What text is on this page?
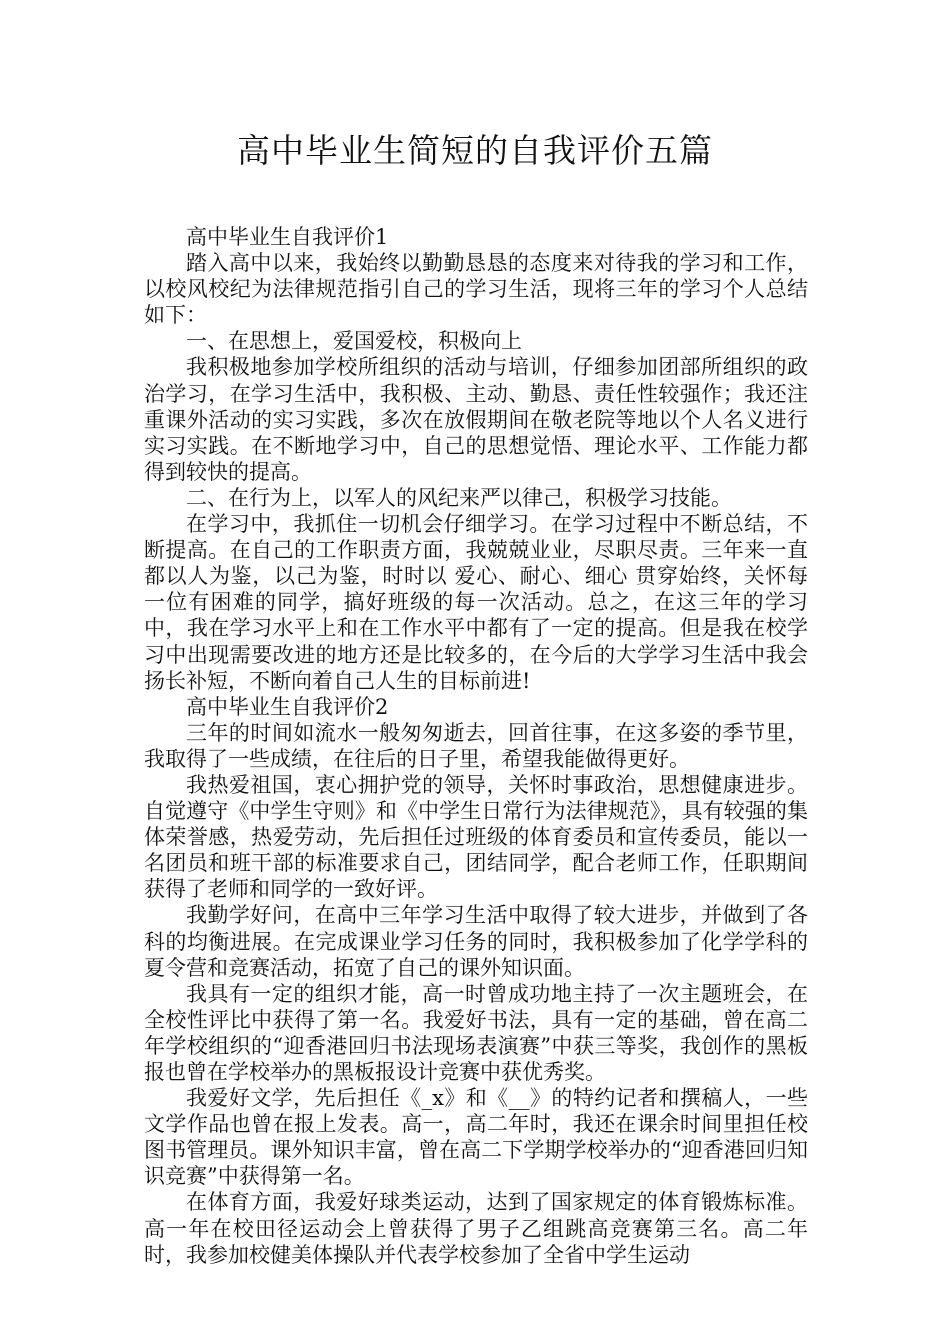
高中毕业生简短的自我评价五篇

高中毕业生自我评价1

踏入高中以来，我始终以勤勤恳恳的态度来对待我的学习和工作，以校风校纪为法律规范指引自己的学习生活，现将三年的学习个人总结如下：

一、在思想上，爱国爱校，积极向上

我积极地参加学校所组织的活动与培训，仔细参加团部所组织的政治学习，在学习生活中，我积极、主动、勤恳、责任性较强作；我还注重课外活动的实习实践，多次在放假期间在敬老院等地以个人名义进行实习实践。在不断地学习中，自己的思想觉悟、理论水平、工作能力都得到较快的提高。

二、在行为上，以军人的风纪来严以律己，积极学习技能。

在学习中，我抓住一切机会仔细学习。在学习过程中不断总结，不断提高。在自己的工作职责方面，我兢兢业业，尽职尽责。三年来一直都以人为鉴，以己为鉴，时时以 爱心、耐心、细心 贯穿始终，关怀每一位有困难的同学，搞好班级的每一次活动。总之，在这三年的学习中，我在学习水平上和在工作水平中都有了一定的提高。但是我在校学习中出现需要改进的地方还是比较多的，在今后的大学学习生活中我会扬长补短，不断向着自己人生的目标前进!

高中毕业生自我评价2

三年的时间如流水一般匆匆逝去，回首往事，在这多姿的季节里，我取得了一些成绩，在往后的日子里，希望我能做得更好。

我热爱祖国，衷心拥护党的领导，关怀时事政治，思想健康进步。自觉遵守《中学生守则》和《中学生日常行为法律规范》，具有较强的集体荣誉感，热爱劳动，先后担任过班级的体育委员和宣传委员，能以一名团员和班干部的标准要求自己，团结同学，配合老师工作，任职期间获得了老师和同学的一致好评。

我勤学好问，在高中三年学习生活中取得了较大进步，并做到了各科的均衡进展。在完成课业学习任务的同时，我积极参加了化学学科的夏令营和竞赛活动，拓宽了自己的课外知识面。

我具有一定的组织才能，高一时曾成功地主持了一次主题班会，在全校性评比中获得了第一名。我爱好书法，具有一定的基础，曾在高二年学校组织的“迎香港回归书法现场表演赛”中获三等奖，我创作的黑板报也曾在学校举办的黑板报设计竞赛中获优秀奖。

我爱好文学，先后担任《_x》和《__》的特约记者和撰稿人，一些文学作品也曾在报上发表。高一，高二年时，我还在课余时间里担任校图书管理员。课外知识丰富，曾在高二下学期学校举办的“迎香港回归知识竞赛”中获得第一名。

在体育方面，我爱好球类运动，达到了国家规定的体育锻炼标准。高一年在校田径运动会上曾获得了男子乙组跳高竞赛第三名。高二年时，我参加校健美体操队并代表学校参加了全省中学生运动
